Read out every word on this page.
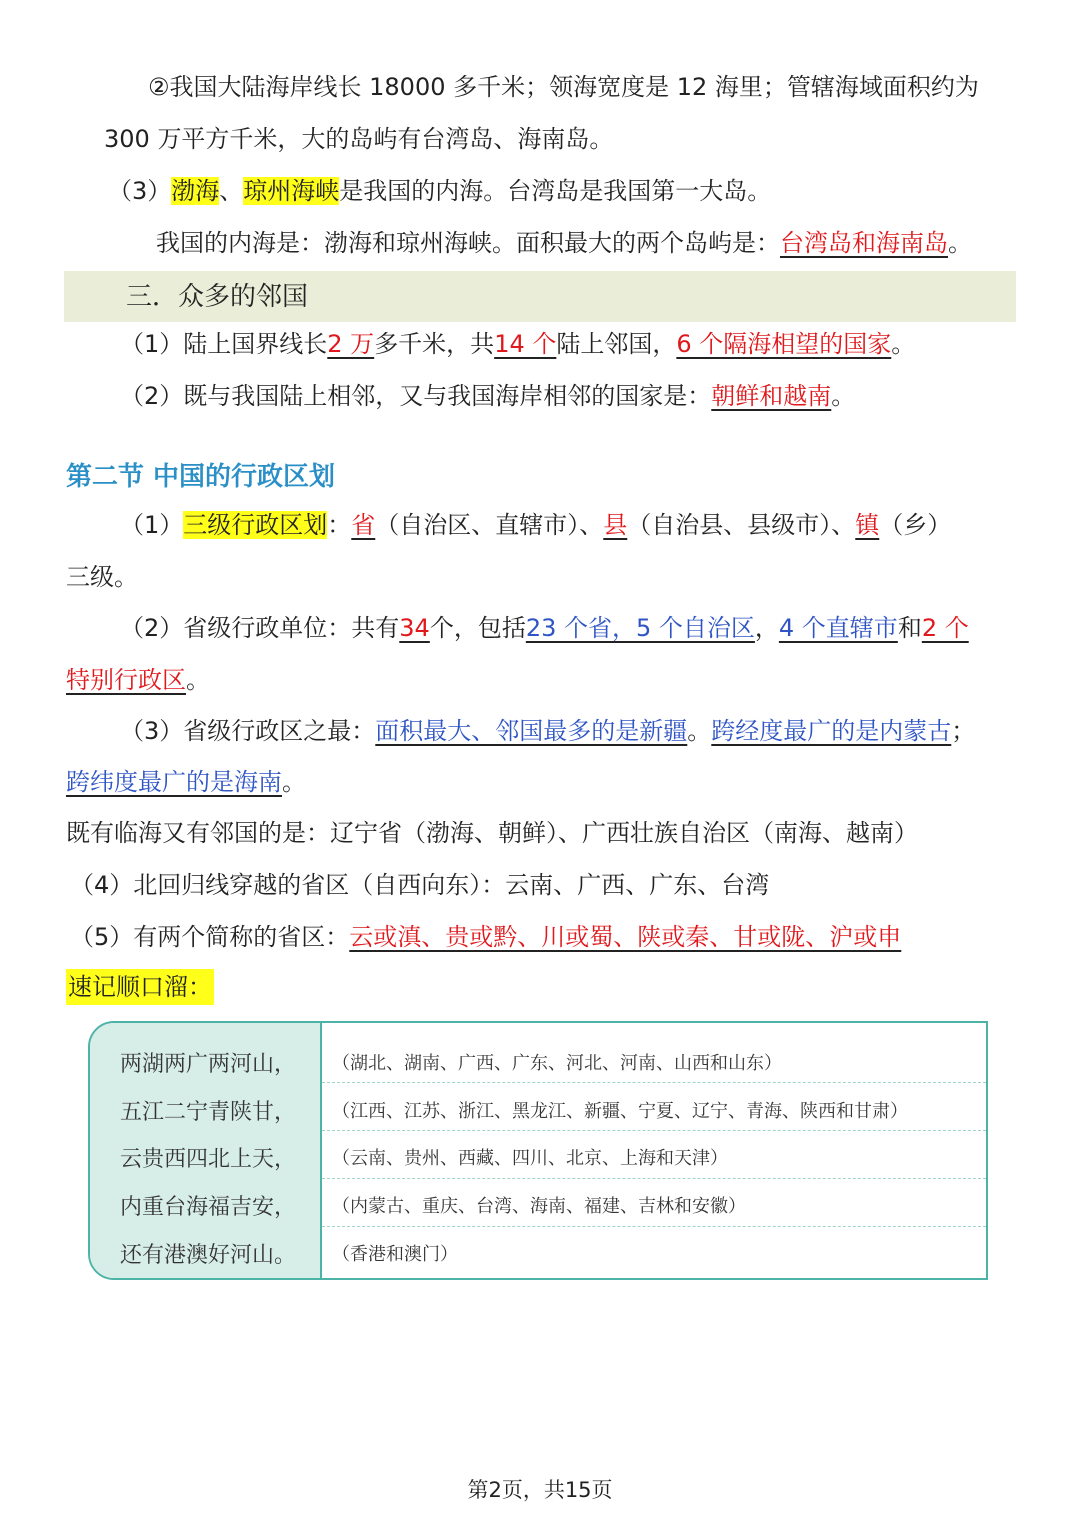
②我国大陆海岸线长 18000 多千米；领海宽度是 12 海里；管辖海域面积约为
300 万平方千米，大的岛屿有台湾岛、海南岛。
（3）渤海、琼州海峡是我国的内海。台湾岛是我国第一大岛。
我国的内海是：渤海和琼州海峡。面积最大的两个岛屿是：台湾岛和海南岛。
三．众多的邻国
（1）陆上国界线长2 万多千米，共14 个陆上邻国，6 个隔海相望的国家。
（2）既与我国陆上相邻，又与我国海岸相邻的国家是：朝鲜和越南。
第二节 中国的行政区划
（1）三级行政区划：省（自治区、直辖市）、县（自治县、县级市）、镇（乡）
三级。
（2）省级行政单位：共有34个，包括23 个省，5 个自治区，4 个直辖市和2 个
特别行政区。
（3）省级行政区之最：面积最大、邻国最多的是新疆。跨经度最广的是内蒙古；
跨纬度最广的是海南。
既有临海又有邻国的是：辽宁省（渤海、朝鲜）、广西壮族自治区（南海、越南）
（4）北回归线穿越的省区（自西向东）：云南、广西、广东、台湾
（5）有两个简称的省区：云或滇、贵或黔、川或蜀、陕或秦、甘或陇、沪或申
速记顺口溜：
两湖两广两河山， （湖北、湖南、广西、广东、河北、河南、山西和山东）
五江二宁青陕甘， （江西、江苏、浙江、黑龙江、新疆、宁夏、辽宁、青海、陕西和甘肃）
云贵西四北上天， （云南、贵州、西藏、四川、北京、上海和天津）
内重台海福吉安， （内蒙古、重庆、台湾、海南、福建、吉林和安徽）
还有港澳好河山。 （香港和澳门）
第2页，共15页
